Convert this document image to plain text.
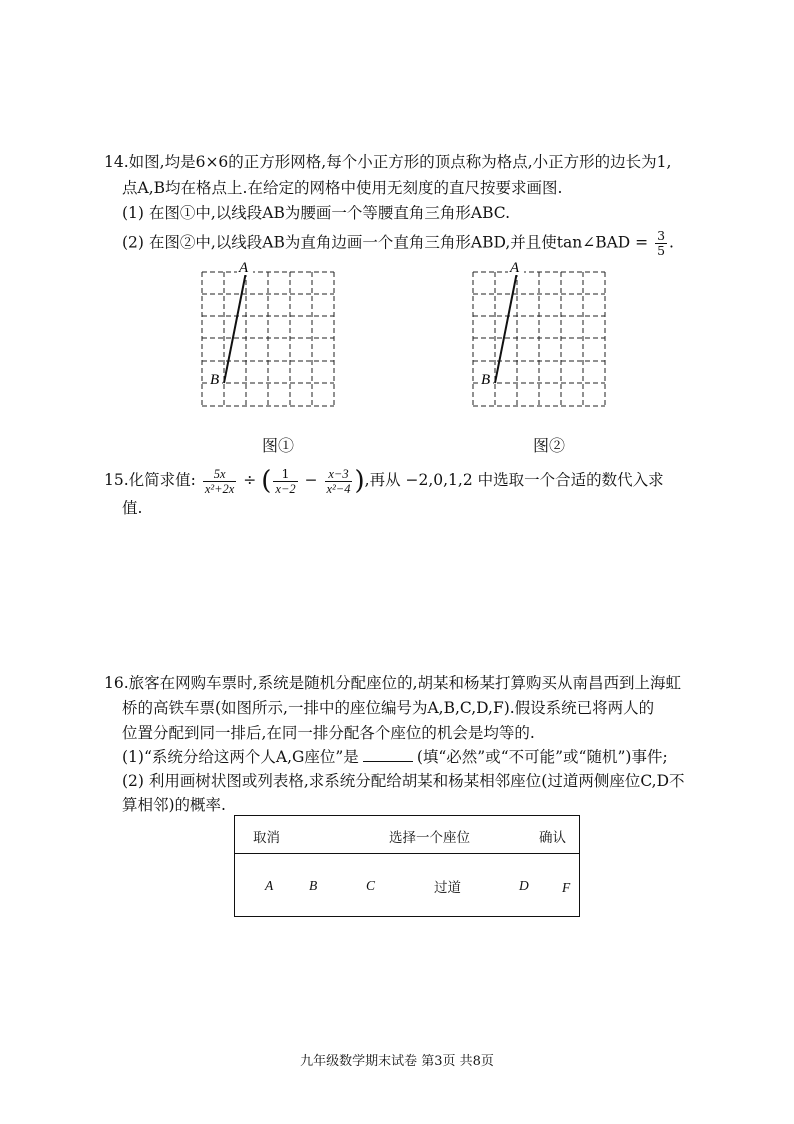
14.如图,均是6×6的正方形网格,每个小正方形的顶点称为格点,小正方形的边长为1,
点A,B均在格点上.在给定的网格中使用无刻度的直尺按要求画图.
(1) 在图①中,以线段AB为腰画一个等腰直角三角形ABC.
(2) 在图②中,以线段AB为直角边画一个直角三角形ABD,并且使tan∠BAD = $\frac{3}{5}$ .
A
B
图①
A
B
图②
15.化简求值: $\frac{5x}{\text{x²+2x}}$ ÷ ( $\frac{1}{x-2} - \frac{x-3}{\text{x²−4}}$ ),再从 −2,0,1,2 中选取一个合适的数代入求
值.
16.旅客在网购车票时,系统是随机分配座位的,胡某和杨某打算购买从南昌西到上海虹
桥的高铁车票(如图所示,一排中的座位编号为A,B,C,D,F).假设系统已将两人的
位置分配到同一排后,在同一排分配各个座位的机会是均等的.
(1)“系统分给这两个人A,G座位”是	(填“必然”或“不可能”或“随机”)事件;
(2) 利用画树状图或列表格,求系统分配给胡某和杨某相邻座位(过道两侧座位C,D不
算相邻)的概率.
取消	选择一个座位	确认
A	B	C	过道	D F
九年级数学期末试卷 第3页 共8页
